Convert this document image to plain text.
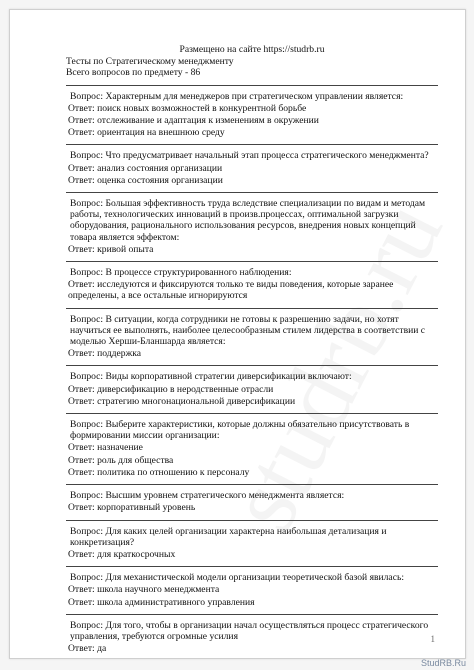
Размещено на сайте https://studrb.ru
Тесты по Стратегическому менеджменту
Всего вопросов по предмету - 86
Вопрос: Характерным для менеджеров при стратегическом управлении является:
Ответ: поиск новых возможностей в конкурентной борьбе
Ответ: отслеживание и адаптация к изменениям в окружении
Ответ: ориентация на внешнюю среду
Вопрос: Что предусматривает начальный этап процесса стратегического менеджмента?
Ответ: анализ состояния организации
Ответ: оценка состояния организации
Вопрос: Большая эффективность труда вследствие специализации по видам и методам работы, технологических инноваций в произв.процессах, оптимальной загрузки оборудования, рационального использования ресурсов, внедрения новых концепций товара является эффектом:
Ответ: кривой опыта
Вопрос: В процессе структурированного наблюдения:
Ответ: исследуются и фиксируются только те виды поведения, которые заранее определены, а все остальные игнорируются
Вопрос: В ситуации, когда сотрудники не готовы к разрешению задачи, но хотят научиться ее выполнять, наиболее целесообразным стилем лидерства в соответствии с моделью Херши-Бланшарда является:
Ответ: поддержка
Вопрос: Виды корпоративной стратегии диверсификации включают:
Ответ: диверсификацию в неродственные отрасли
Ответ: стратегию многонациональной диверсификации
Вопрос: Выберите характеристики, которые должны обязательно присутствовать в формировании миссии организации:
Ответ: назначение
Ответ: роль для общества
Ответ: политика по отношению к персоналу
Вопрос: Высшим уровнем стратегического менеджмента является:
Ответ: корпоративный уровень
Вопрос: Для каких целей организации характерна наибольшая детализация и конкретизация?
Ответ: для краткосрочных
Вопрос: Для механистической модели организации теоретической базой явилась:
Ответ: школа научного менеджмента
Ответ: школа административного управления
Вопрос: Для того, чтобы в организации начал осуществляться процесс стратегического управления, требуются огромные усилия
Ответ: да
1
StudRB.Ru
